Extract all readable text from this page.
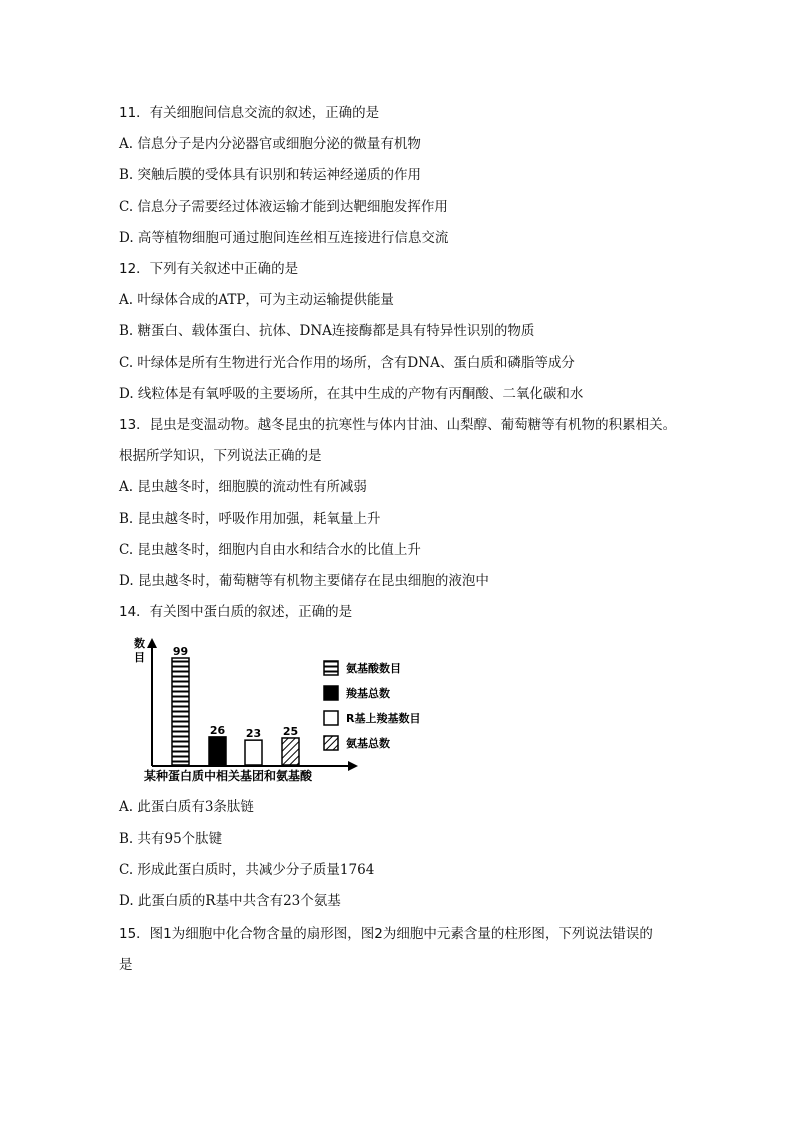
11．有关细胞间信息交流的叙述，正确的是
A. 信息分子是内分泌器官或细胞分泌的微量有机物
B. 突触后膜的受体具有识别和转运神经递质的作用
C. 信息分子需要经过体液运输才能到达靶细胞发挥作用
D. 高等植物细胞可通过胞间连丝相互连接进行信息交流
12．下列有关叙述中正确的是
A. 叶绿体合成的ATP，可为主动运输提供能量
B. 糖蛋白、载体蛋白、抗体、DNA连接酶都是具有特异性识别的物质
C. 叶绿体是所有生物进行光合作用的场所，含有DNA、蛋白质和磷脂等成分
D. 线粒体是有氧呼吸的主要场所，在其中生成的产物有丙酮酸、二氧化碳和水
13．昆虫是变温动物。越冬昆虫的抗寒性与体内甘油、山梨醇、葡萄糖等有机物的积累相关。
根据所学知识，下列说法正确的是
A. 昆虫越冬时，细胞膜的流动性有所减弱
B. 昆虫越冬时，呼吸作用加强，耗氧量上升
C. 昆虫越冬时，细胞内自由水和结合水的比值上升
D. 昆虫越冬时，葡萄糖等有机物主要储存在昆虫细胞的液泡中
14．有关图中蛋白质的叙述，正确的是
数目	99
26 23 25
氨基酸数目
羧基总数
R基上羧基数目
氨基总数
某种蛋白质中相关基团和氨基酸
A. 此蛋白质有3条肽链
B. 共有95个肽键
C. 形成此蛋白质时，共减少分子质量1764
D. 此蛋白质的R基中共含有23个氨基
15．图1为细胞中化合物含量的扇形图，图2为细胞中元素含量的柱形图，下列说法错误的
是
